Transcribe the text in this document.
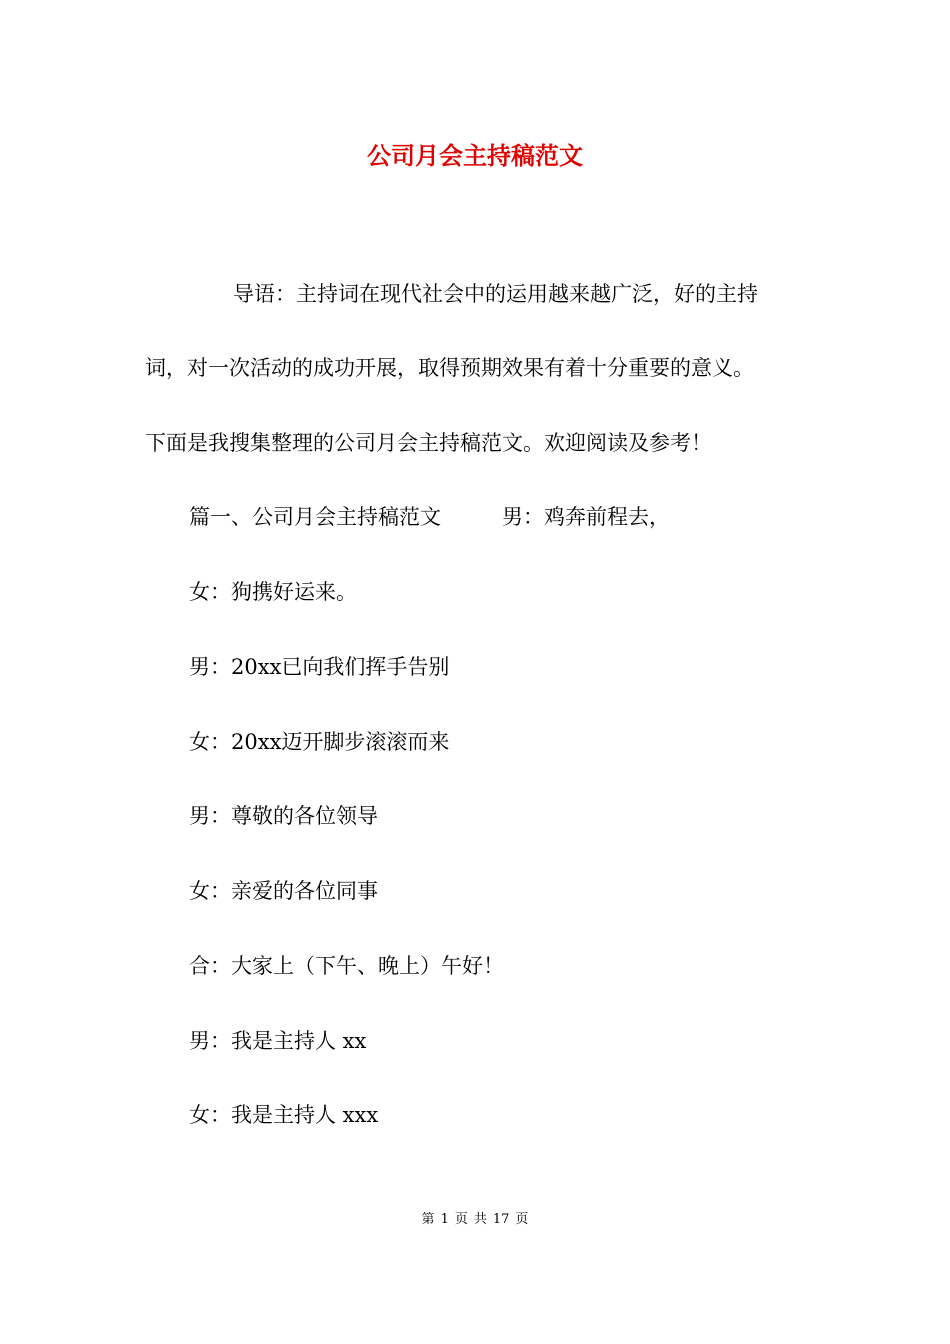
公司月会主持稿范文
导语：主持词在现代社会中的运用越来越广泛，好的主持
词，对一次活动的成功开展，取得预期效果有着十分重要的意义。
下面是我搜集整理的公司月会主持稿范文。欢迎阅读及参考！
篇一、公司月会主持稿范文	男：鸡奔前程去，
女：狗携好运来。
男：20xx已向我们挥手告别
女：20xx迈开脚步滚滚而来
男：尊敬的各位领导
女：亲爱的各位同事
合：大家上（下午、晚上）午好！
男：我是主持人 xx
女：我是主持人 xxx
第 1 页 共 17 页
